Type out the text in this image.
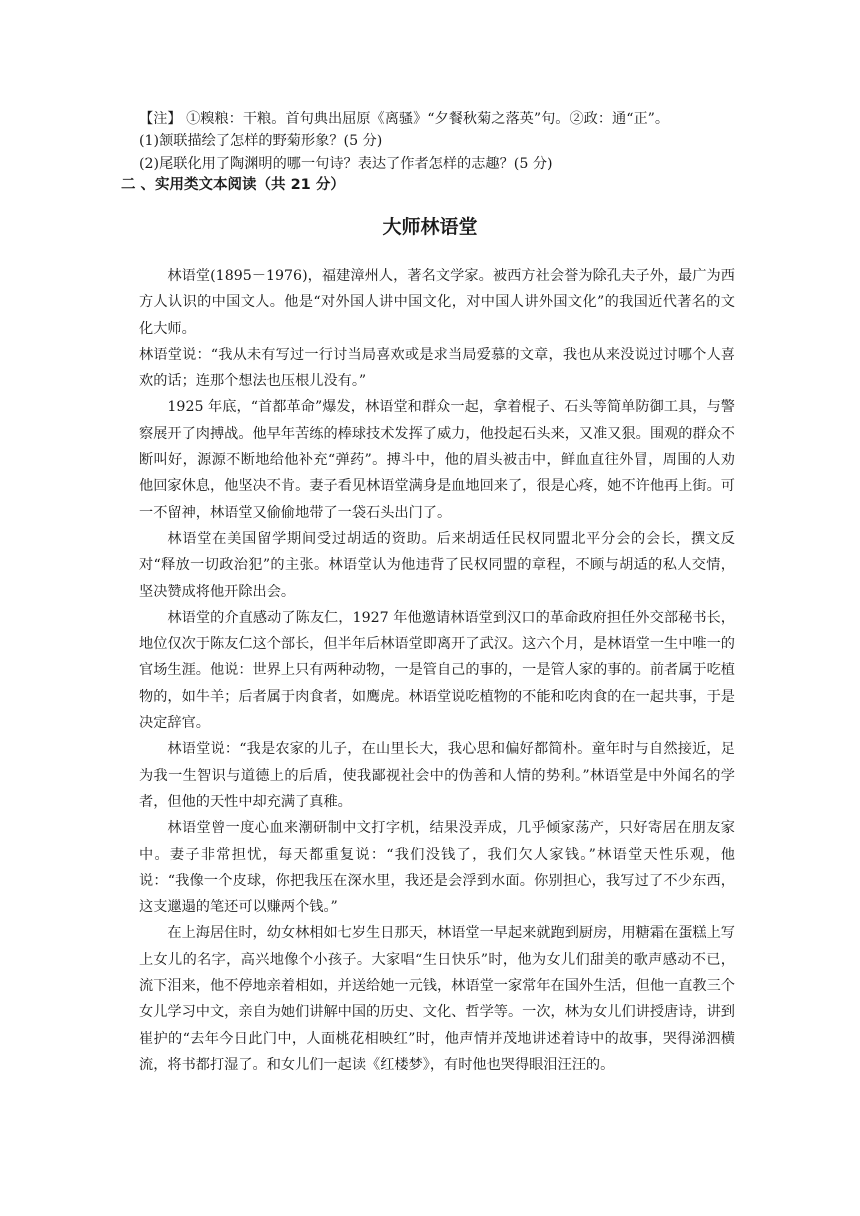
【注】 ①糗粮：干粮。首句典出屈原《离骚》“夕餐秋菊之落英”句。②政：通“正”。
(1)颔联描绘了怎样的野菊形象？(5 分)
(2)尾联化用了陶渊明的哪一句诗？表达了作者怎样的志趣？(5 分)
二 、实用类文本阅读（共 21 分）
大师林语堂

林语堂(1895－1976)，福建漳州人，著名文学家。被西方社会誉为除孔夫子外，最广为西方人认识的中国文人。他是“对外国人讲中国文化，对中国人讲外国文化”的我国近代著名的文化大师。

林语堂说：“我从未有写过一行讨当局喜欢或是求当局爱慕的文章，我也从来没说过讨哪个人喜欢的话；连那个想法也压根儿没有。”

1925 年底，“首都革命”爆发，林语堂和群众一起，拿着棍子、石头等简单防御工具，与警察展开了肉搏战。他早年苦练的棒球技术发挥了威力，他投起石头来，又准又狠。围观的群众不断叫好，源源不断地给他补充“弹药”。搏斗中，他的眉头被击中，鲜血直往外冒，周围的人劝他回家休息，他坚决不肯。妻子看见林语堂满身是血地回来了，很是心疼，她不许他再上街。可一不留神，林语堂又偷偷地带了一袋石头出门了。

林语堂在美国留学期间受过胡适的资助。后来胡适任民权同盟北平分会的会长，撰文反对“释放一切政治犯”的主张。林语堂认为他违背了民权同盟的章程，不顾与胡适的私人交情，坚决赞成将他开除出会。

林语堂的介直感动了陈友仁，1927 年他邀请林语堂到汉口的革命政府担任外交部秘书长，地位仅次于陈友仁这个部长，但半年后林语堂即离开了武汉。这六个月，是林语堂一生中唯一的官场生涯。他说：世界上只有两种动物，一是管自己的事的，一是管人家的事的。前者属于吃植物的，如牛羊；后者属于肉食者，如鹰虎。林语堂说吃植物的不能和吃肉食的在一起共事，于是决定辞官。

林语堂说：“我是农家的儿子，在山里长大，我心思和偏好都简朴。童年时与自然接近，足为我一生智识与道德上的后盾，使我鄙视社会中的伪善和人情的势利。”林语堂是中外闻名的学者，但他的天性中却充满了真稚。

林语堂曾一度心血来潮研制中文打字机，结果没弄成，几乎倾家荡产，只好寄居在朋友家中。妻子非常担忧，每天都重复说：“我们没钱了，我们欠人家钱。”林语堂天性乐观，他说：“我像一个皮球，你把我压在深水里，我还是会浮到水面。你别担心，我写过了不少东西，这支邋遢的笔还可以赚两个钱。”

在上海居住时，幼女林相如七岁生日那天，林语堂一早起来就跑到厨房，用糖霜在蛋糕上写上女儿的名字，高兴地像个小孩子。大家唱“生日快乐”时，他为女儿们甜美的歌声感动不已，流下泪来，他不停地亲着相如，并送给她一元钱，林语堂一家常年在国外生活，但他一直教三个女儿学习中文，亲自为她们讲解中国的历史、文化、哲学等。一次，林为女儿们讲授唐诗，讲到崔护的“去年今日此门中，人面桃花相映红”时，他声情并茂地讲述着诗中的故事，哭得涕泗横流，将书都打湿了。和女儿们一起读《红楼梦》，有时他也哭得眼泪汪汪的。
